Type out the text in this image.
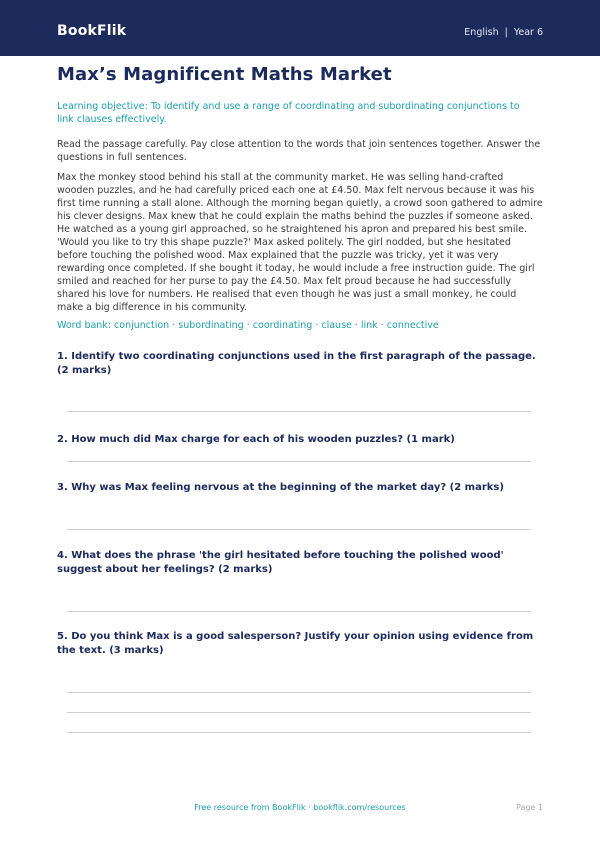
BookFlik	English | Year 6
Max’s Magnificent Maths Market

Learning objective: To identify and use a range of coordinating and subordinating conjunctions to link clauses effectively.

Read the passage carefully. Pay close attention to the words that join sentences together. Answer the questions in full sentences.

Max the monkey stood behind his stall at the community market. He was selling hand-crafted wooden puzzles, and he had carefully priced each one at £4.50. Max felt nervous because it was his first time running a stall alone. Although the morning began quietly, a crowd soon gathered to admire his clever designs. Max knew that he could explain the maths behind the puzzles if someone asked. He watched as a young girl approached, so he straightened his apron and prepared his best smile. 'Would you like to try this shape puzzle?' Max asked politely. The girl nodded, but she hesitated before touching the polished wood. Max explained that the puzzle was tricky, yet it was very rewarding once completed. If she bought it today, he would include a free instruction guide. The girl smiled and reached for her purse to pay the £4.50. Max felt proud because he had successfully shared his love for numbers. He realised that even though he was just a small monkey, he could make a big difference in his community.

Word bank: conjunction · subordinating · coordinating · clause · link · connective

1. Identify two coordinating conjunctions used in the first paragraph of the passage. (2 marks)

2. How much did Max charge for each of his wooden puzzles? (1 mark)

3. Why was Max feeling nervous at the beginning of the market day? (2 marks)

4. What does the phrase 'the girl hesitated before touching the polished wood' suggest about her feelings? (2 marks)

5. Do you think Max is a good salesperson? Justify your opinion using evidence from the text. (3 marks)

Free resource from BookFlik · bookflik.com/resources	Page 1
